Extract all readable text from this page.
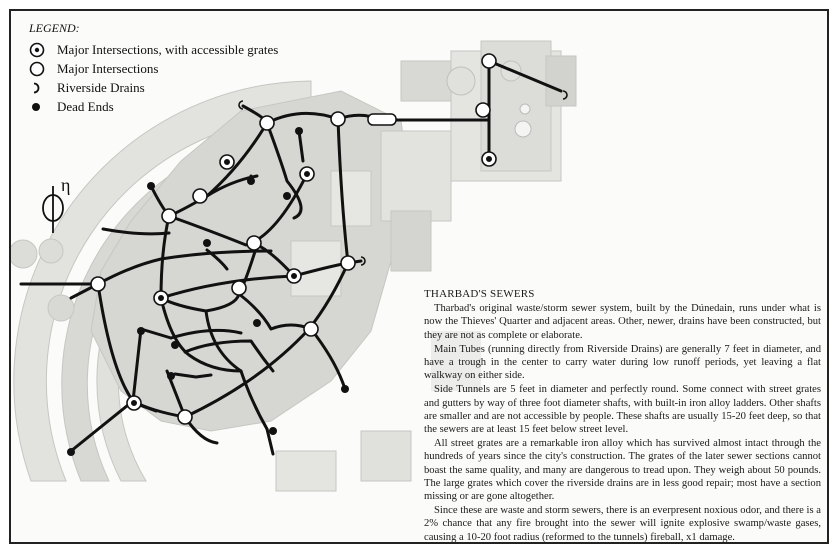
η
LEGEND:
Major Intersections, with accessible grates
Major Intersections
Riverside Drains
Dead Ends
THARBAD'S SEWERS

Tharbad's original waste/storm sewer system, built by the Dúnedain, runs under what is now the Thieves' Quarter and adjacent areas. Other, newer, drains have been constructed, but they are not as complete or elaborate.

Main Tubes (running directly from Riverside Drains) are generally 7 feet in diameter, and have a trough in the center to carry water during low runoff periods, yet leaving a flat walkway on either side.

Side Tunnels are 5 feet in diameter and perfectly round. Some connect with street grates and gutters by way of three foot diameter shafts, with built-in iron alloy ladders. Other shafts are smaller and are not accessible by people. These shafts are usually 15-20 feet deep, so that the sewers are at least 15 feet below street level.

All street grates are a remarkable iron alloy which has survived almost intact through the hundreds of years since the city's construction. The grates of the later sewer sections cannot boast the same quality, and many are dangerous to tread upon. They weigh about 50 pounds. The large grates which cover the riverside drains are in less good repair; most have a section missing or are gone altogether.

Since these are waste and storm sewers, there is an everpresent noxious odor, and there is a 2% chance that any fire brought into the sewer will ignite explosive swamp/waste gases, causing a 10-20 foot radius (reformed to the tunnels) fireball, x1 damage.
